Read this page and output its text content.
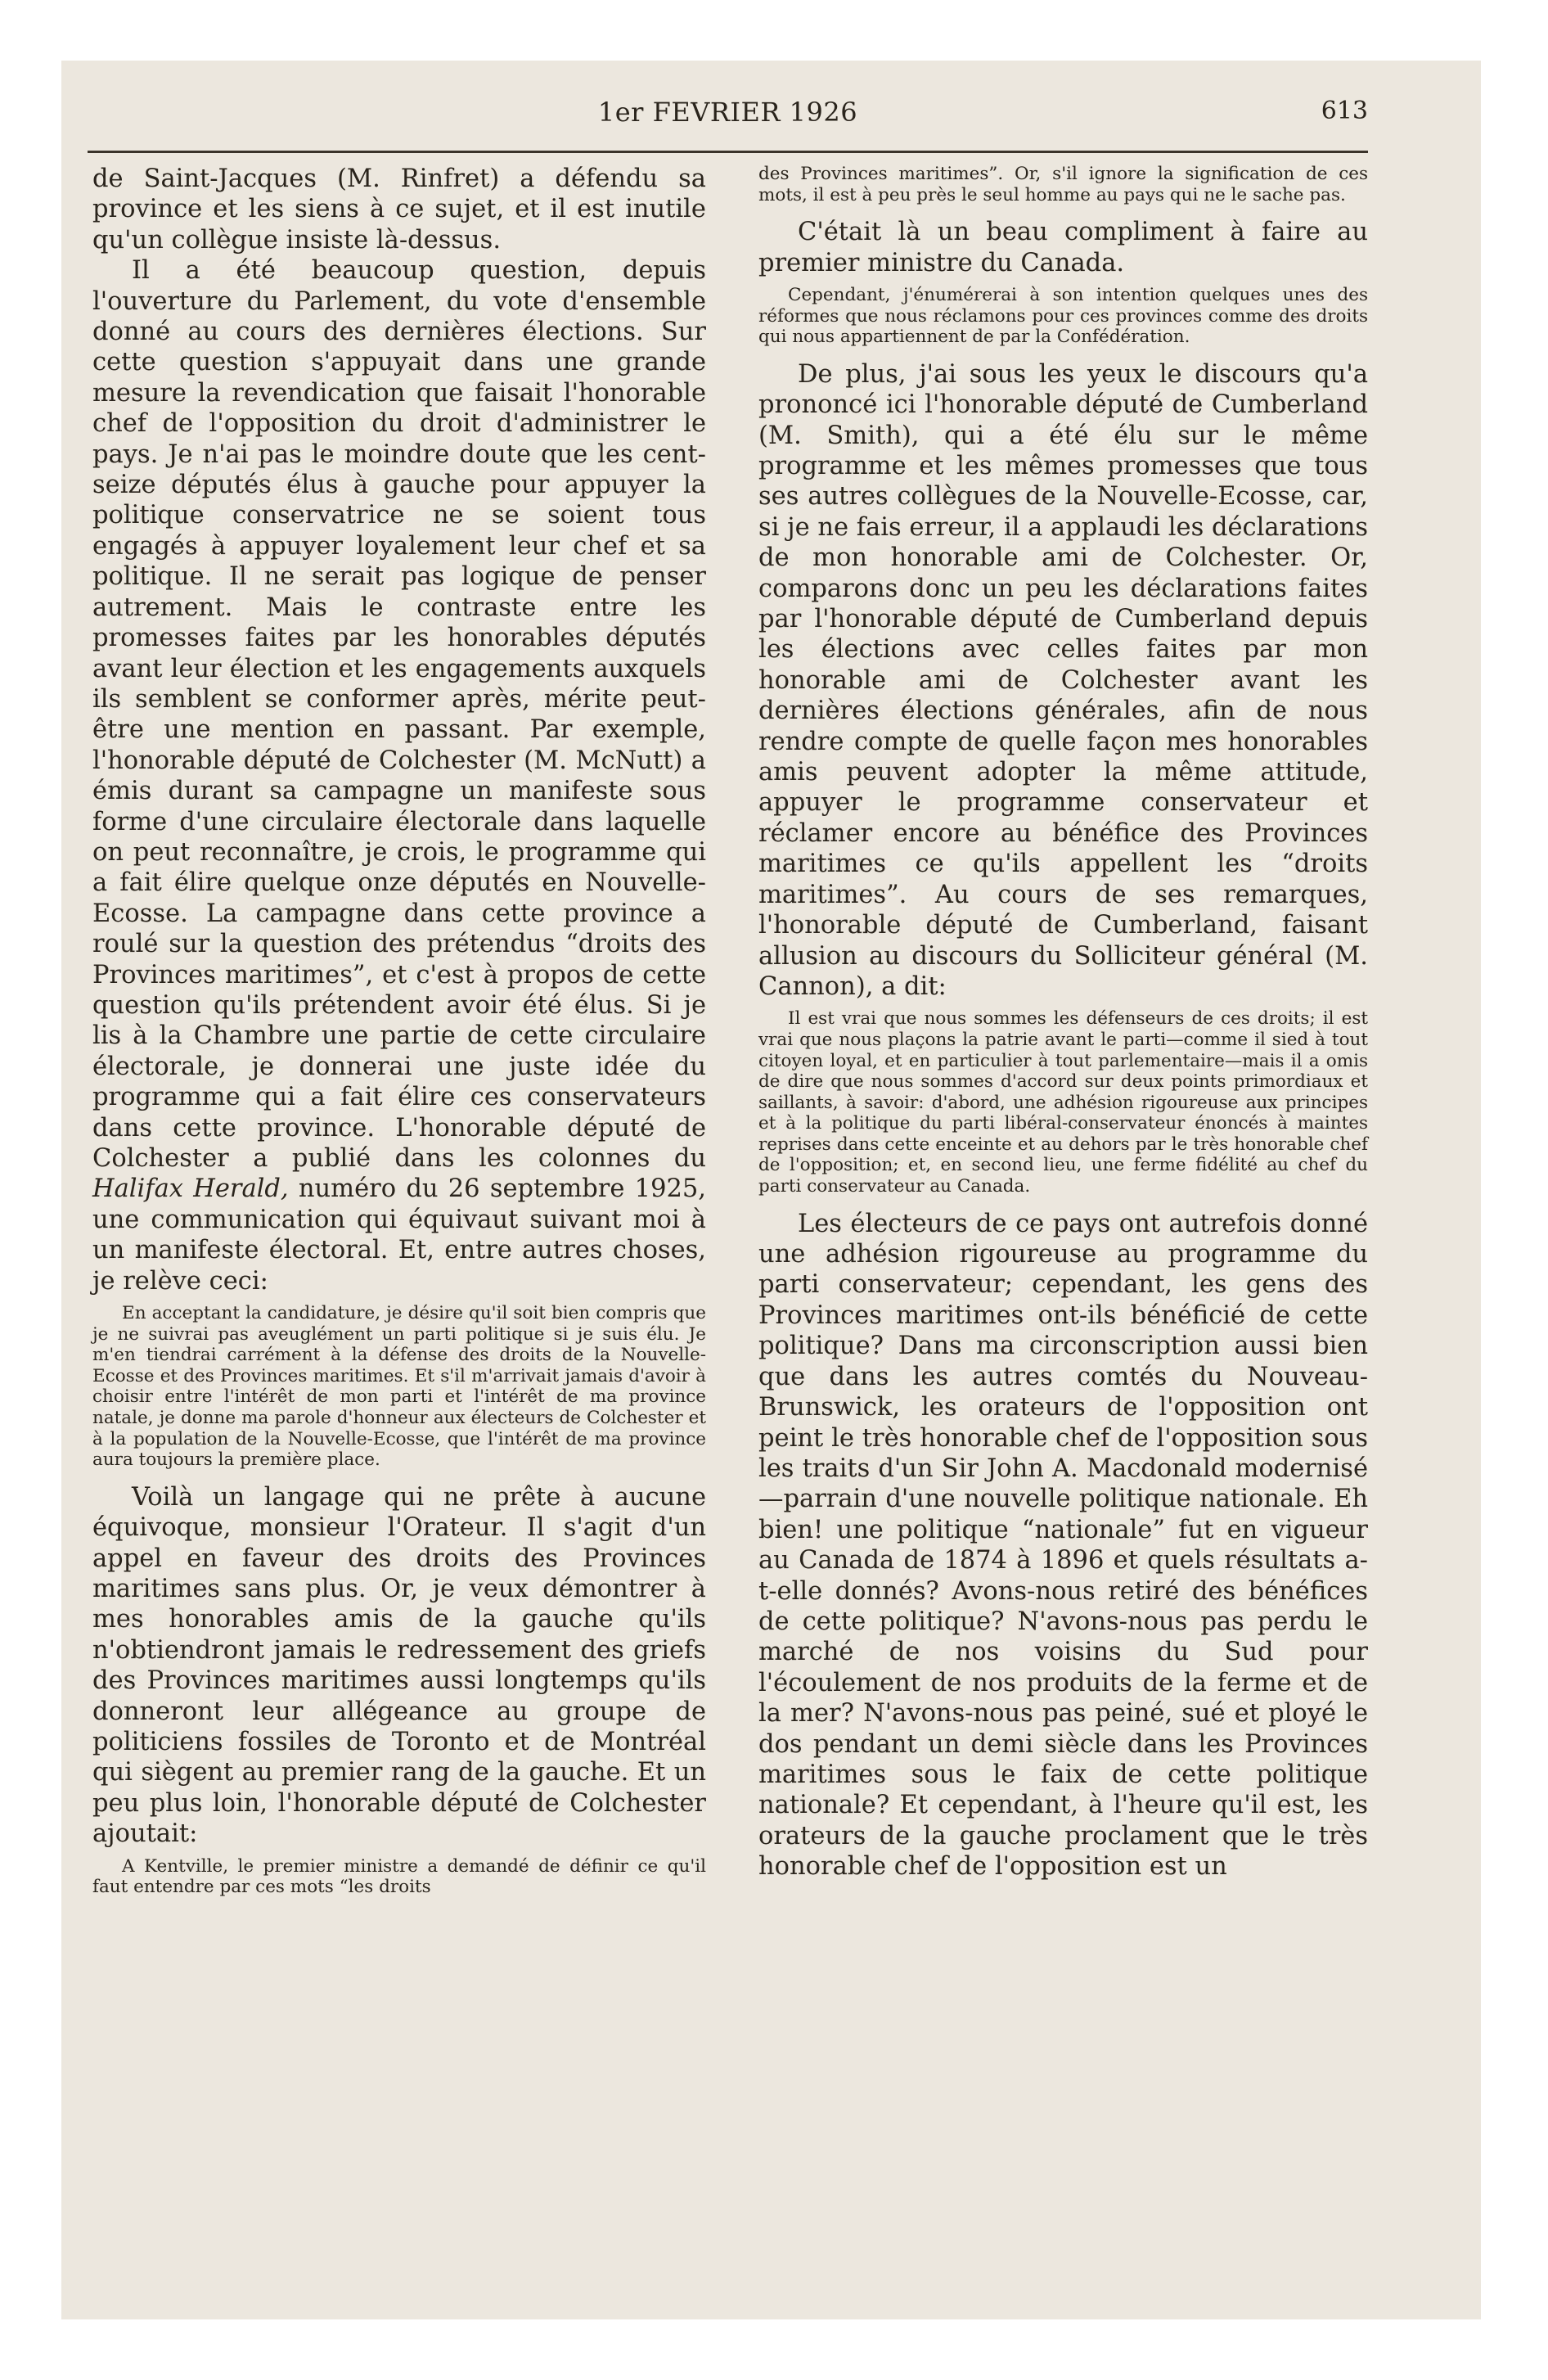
1er FEVRIER 1926	613

de Saint-Jacques (M. Rinfret) a défendu sa province et les siens à ce sujet, et il est inutile qu'un collègue insiste là-dessus.

Il a été beaucoup question, depuis l'ouverture du Parlement, du vote d'ensemble donné au cours des dernières élections. Sur cette question s'appuyait dans une grande mesure la revendication que faisait l'honorable chef de l'opposition du droit d'administrer le pays. Je n'ai pas le moindre doute que les cent-seize députés élus à gauche pour appuyer la politique conservatrice ne se soient tous engagés à appuyer loyalement leur chef et sa politique. Il ne serait pas logique de penser autrement. Mais le contraste entre les promesses faites par les honorables députés avant leur élection et les engagements auxquels ils semblent se conformer après, mérite peut-être une mention en passant. Par exemple, l'honorable député de Colchester (M. McNutt) a émis durant sa campagne un manifeste sous forme d'une circulaire électorale dans laquelle on peut reconnaître, je crois, le programme qui a fait élire quelque onze députés en Nouvelle-Ecosse. La campagne dans cette province a roulé sur la question des prétendus “droits des Provinces maritimes”, et c'est à propos de cette question qu'ils prétendent avoir été élus. Si je lis à la Chambre une partie de cette circulaire électorale, je donnerai une juste idée du programme qui a fait élire ces conservateurs dans cette province. L'honorable député de Colchester a publié dans les colonnes du Halifax Herald, numéro du 26 septembre 1925, une communication qui équivaut suivant moi à un manifeste électoral. Et, entre autres choses, je relève ceci:

En acceptant la candidature, je désire qu'il soit bien compris que je ne suivrai pas aveuglément un parti politique si je suis élu. Je m'en tiendrai carrément à la défense des droits de la Nouvelle-Ecosse et des Provinces maritimes. Et s'il m'arrivait jamais d'avoir à choisir entre l'intérêt de mon parti et l'intérêt de ma province natale, je donne ma parole d'honneur aux électeurs de Colchester et à la population de la Nouvelle-Ecosse, que l'intérêt de ma province aura toujours la première place.

Voilà un langage qui ne prête à aucune équivoque, monsieur l'Orateur. Il s'agit d'un appel en faveur des droits des Provinces maritimes sans plus. Or, je veux démontrer à mes honorables amis de la gauche qu'ils n'obtiendront jamais le redressement des griefs des Provinces maritimes aussi longtemps qu'ils donneront leur allégeance au groupe de politiciens fossiles de Toronto et de Montréal qui siègent au premier rang de la gauche. Et un peu plus loin, l'honorable député de Colchester ajoutait:

A Kentville, le premier ministre a demandé de définir ce qu'il faut entendre par ces mots “les droits

des Provinces maritimes”. Or, s'il ignore la signification de ces mots, il est à peu près le seul homme au pays qui ne le sache pas.

C'était là un beau compliment à faire au premier ministre du Canada.

Cependant, j'énumérerai à son intention quelques unes des réformes que nous réclamons pour ces provinces comme des droits qui nous appartiennent de par la Confédération.

De plus, j'ai sous les yeux le discours qu'a prononcé ici l'honorable député de Cumberland (M. Smith), qui a été élu sur le même programme et les mêmes promesses que tous ses autres collègues de la Nouvelle-Ecosse, car, si je ne fais erreur, il a applaudi les déclarations de mon honorable ami de Colchester. Or, comparons donc un peu les déclarations faites par l'honorable député de Cumberland depuis les élections avec celles faites par mon honorable ami de Colchester avant les dernières élections générales, afin de nous rendre compte de quelle façon mes honorables amis peuvent adopter la même attitude, appuyer le programme conservateur et réclamer encore au bénéfice des Provinces maritimes ce qu'ils appellent les “droits maritimes”. Au cours de ses remarques, l'honorable député de Cumberland, faisant allusion au discours du Solliciteur général (M. Cannon), a dit:

Il est vrai que nous sommes les défenseurs de ces droits; il est vrai que nous plaçons la patrie avant le parti—comme il sied à tout citoyen loyal, et en particulier à tout parlementaire—mais il a omis de dire que nous sommes d'accord sur deux points primordiaux et saillants, à savoir: d'abord, une adhésion rigoureuse aux principes et à la politique du parti libéral-conservateur énoncés à maintes reprises dans cette enceinte et au dehors par le très honorable chef de l'opposition; et, en second lieu, une ferme fidélité au chef du parti conservateur au Canada.

Les électeurs de ce pays ont autrefois donné une adhésion rigoureuse au programme du parti conservateur; cependant, les gens des Provinces maritimes ont-ils bénéficié de cette politique? Dans ma circonscription aussi bien que dans les autres comtés du Nouveau-Brunswick, les orateurs de l'opposition ont peint le très honorable chef de l'opposition sous les traits d'un Sir John A. Macdonald modernisé—parrain d'une nouvelle politique nationale. Eh bien! une politique “nationale” fut en vigueur au Canada de 1874 à 1896 et quels résultats a-t-elle donnés? Avons-nous retiré des bénéfices de cette politique? N'avons-nous pas perdu le marché de nos voisins du Sud pour l'écoulement de nos produits de la ferme et de la mer? N'avons-nous pas peiné, sué et ployé le dos pendant un demi siècle dans les Provinces maritimes sous le faix de cette politique nationale? Et cependant, à l'heure qu'il est, les orateurs de la gauche proclament que le très honorable chef de l'opposition est un
